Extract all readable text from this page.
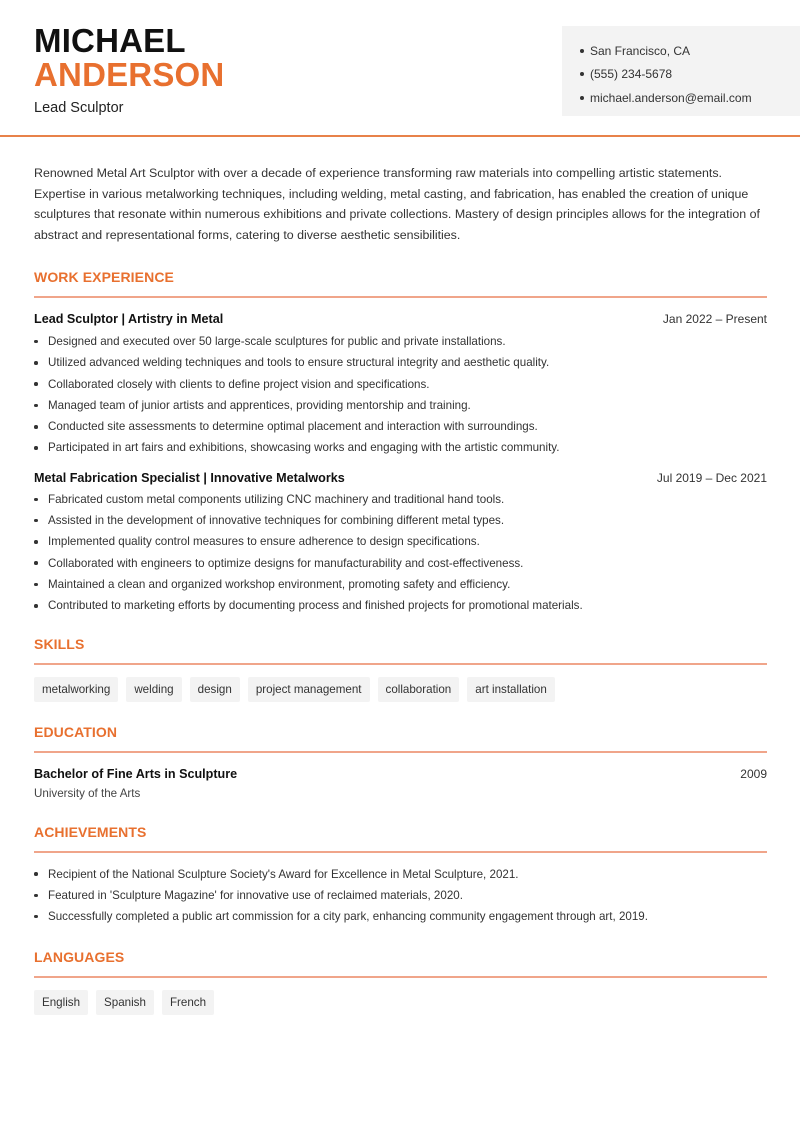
MICHAEL
ANDERSON
Lead Sculptor
San Francisco, CA
(555) 234-5678
michael.anderson@email.com

Renowned Metal Art Sculptor with over a decade of experience transforming raw materials into compelling artistic statements. Expertise in various metalworking techniques, including welding, metal casting, and fabrication, has enabled the creation of unique sculptures that resonate within numerous exhibitions and private collections. Mastery of design principles allows for the integration of abstract and representational forms, catering to diverse aesthetic sensibilities.

WORK EXPERIENCE
Lead Sculptor | Artistry in Metal	Jan 2022 – Present
Designed and executed over 50 large-scale sculptures for public and private installations.
Utilized advanced welding techniques and tools to ensure structural integrity and aesthetic quality.
Collaborated closely with clients to define project vision and specifications.
Managed team of junior artists and apprentices, providing mentorship and training.
Conducted site assessments to determine optimal placement and interaction with surroundings.
Participated in art fairs and exhibitions, showcasing works and engaging with the artistic community.
Metal Fabrication Specialist | Innovative Metalworks	Jul 2019 – Dec 2021
Fabricated custom metal components utilizing CNC machinery and traditional hand tools.
Assisted in the development of innovative techniques for combining different metal types.
Implemented quality control measures to ensure adherence to design specifications.
Collaborated with engineers to optimize designs for manufacturability and cost-effectiveness.
Maintained a clean and organized workshop environment, promoting safety and efficiency.
Contributed to marketing efforts by documenting process and finished projects for promotional materials.
SKILLS
metalworking	welding	design	project management	collaboration	art installation
EDUCATION
Bachelor of Fine Arts in Sculpture	2009
University of the Arts
ACHIEVEMENTS
Recipient of the National Sculpture Society's Award for Excellence in Metal Sculpture, 2021.
Featured in 'Sculpture Magazine' for innovative use of reclaimed materials, 2020.
Successfully completed a public art commission for a city park, enhancing community engagement through art, 2019.
LANGUAGES
English	Spanish	French
